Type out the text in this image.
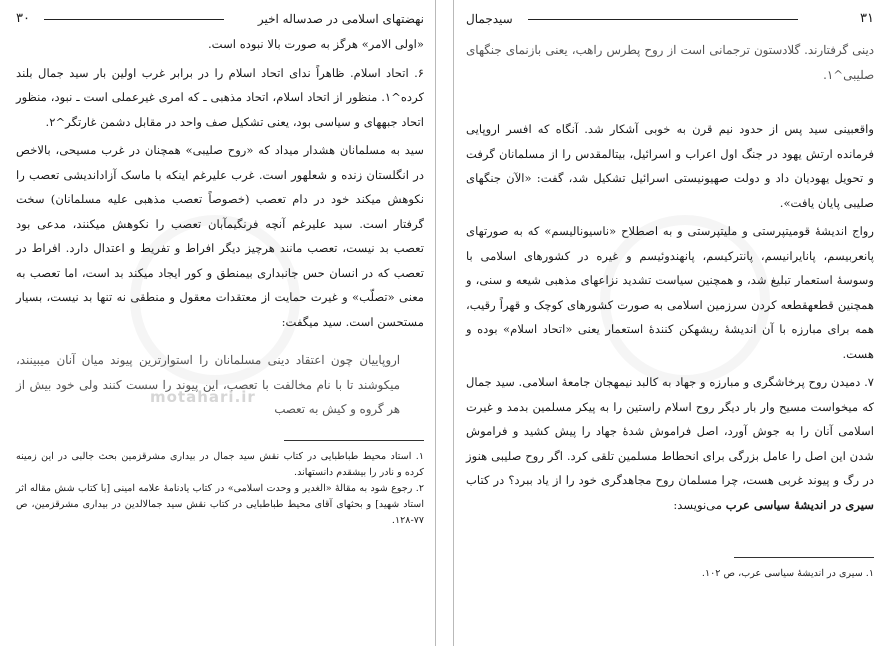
motahari.ir
۳۰	نهضتهای اسلامی در صدساله اخیر

«اولی الامر» هرگز به صورت بالا نبوده است.

۶. اتحاد اسلام. ظاهراً ندای اتحاد اسلام را در برابر غرب اولین بار سید جمال بلند کرده^۱. منظور از اتحاد اسلام، اتحاد مذهبی ـ که امری غیرعملی است ـ نبود، منظور اتحاد جبههای و سیاسی بود، یعنی تشکیل صف واحد در مقابل دشمن غارتگر^۲.

سید به مسلمانان هشدار میداد که «روح صلیبی» همچنان در غرب مسیحی، بالاخص در انگلستان زنده و شعلهور است. غرب علیرغم اینکه با ماسک آزاداندیشی تعصب را نکوهش میکند خود در دام تعصب (خصوصاً تعصب مذهبی علیه مسلمانان) سخت گرفتار است. سید علیرغم آنچه فرنگیمآبان تعصب را نکوهش میکنند، مدعی بود تعصب بد نیست، تعصب مانند هرچیز دیگر افراط و تفریط و اعتدال دارد. افراط در تعصب که در انسان حس جانبداری بیمنطق و کور ایجاد میکند بد است، اما تعصب به معنی «تصلّب» و غیرت حمایت از معتقدات معقول و منطقی نه تنها بد نیست، بسیار مستحسن است. سید میگفت:

اروپاییان چون اعتقاد دینی مسلمانان را استوارترین پیوند میان آنان میبینند، میکوشند تا با نام مخالفت با تعصب، این پیوند را سست کنند ولی خود بیش از هر گروه و کیش به تعصب

۱. استاد محیط طباطبایی در کتاب نقش سید جمال در بیداری مشرقزمین بحث جالبی در این زمینه کرده و نادر را بیشقدم دانستهاند.

۲. رجوع شود به مقالهٔ «الغدیر و وحدت اسلامی» در کتاب یادنامهٔ علامه امینی [با کتاب شش مقاله اثر استاد شهید] و بحثهای آقای محیط طباطبایی در کتاب نقش سید جمالالدین در بیداری مشرقزمین، ص ۷۷-۱۲۸.

سیدجمال	۳۱
دینی گرفتارند. گلادستون ترجمانی است از روح پطرس راهب، یعنی بازنمای جنگهای صلیبی^۱.

واقعبینی سید پس از حدود نیم قرن به خوبی آشکار شد. آنگاه که افسر اروپایی فرمانده ارتش یهود در جنگ اول اعراب و اسرائیل، بیتالمقدس را از مسلمانان گرفت و تحویل یهودیان داد و دولت صهیونیستی اسرائیل تشکیل شد، گفت: «الآن جنگهای صلیبی پایان یافت».

رواج اندیشهٔ قومیتپرستی و ملیتپرستی و به اصطلاح «ناسیونالیسم» که به صورتهای پانعربیسم، پانایرانیسم، پانترکیسم، پانهندوئیسم و غیره در کشورهای اسلامی با وسوسهٔ استعمار تبلیغ شد، و همچنین سیاست تشدید نزاعهای مذهبی شیعه و سنی، و همچنین قطعهقطعه کردن سرزمین اسلامی به صورت کشورهای کوچک و قهراً رقیب، همه برای مبارزه با آن اندیشهٔ ریشهکن کنندهٔ استعمار یعنی «اتحاد اسلام» بوده و هست.

۷. دمیدن روح پرخاشگری و مبارزه و جهاد به کالبد نیمهجان جامعهٔ اسلامی. سید جمال که میخواست مسیح وار بار دیگر روح اسلام راستین را به پیکر مسلمین بدمد و غیرت اسلامی آنان را به جوش آورد، اصل فراموش شدهٔ جهاد را پیش کشید و فراموش شدن این اصل را عامل بزرگی برای انحطاط مسلمین تلقی کرد. اگر روح صلیبی هنوز در رگ و پیوند غربی هست، چرا مسلمان روح مجاهدگری خود را از یاد ببرد؟ در کتاب سیری در اندیشهٔ سیاسی عرب می‌نویسد:

۱. سیری در اندیشهٔ سیاسی عرب، ص ۱۰۲.
